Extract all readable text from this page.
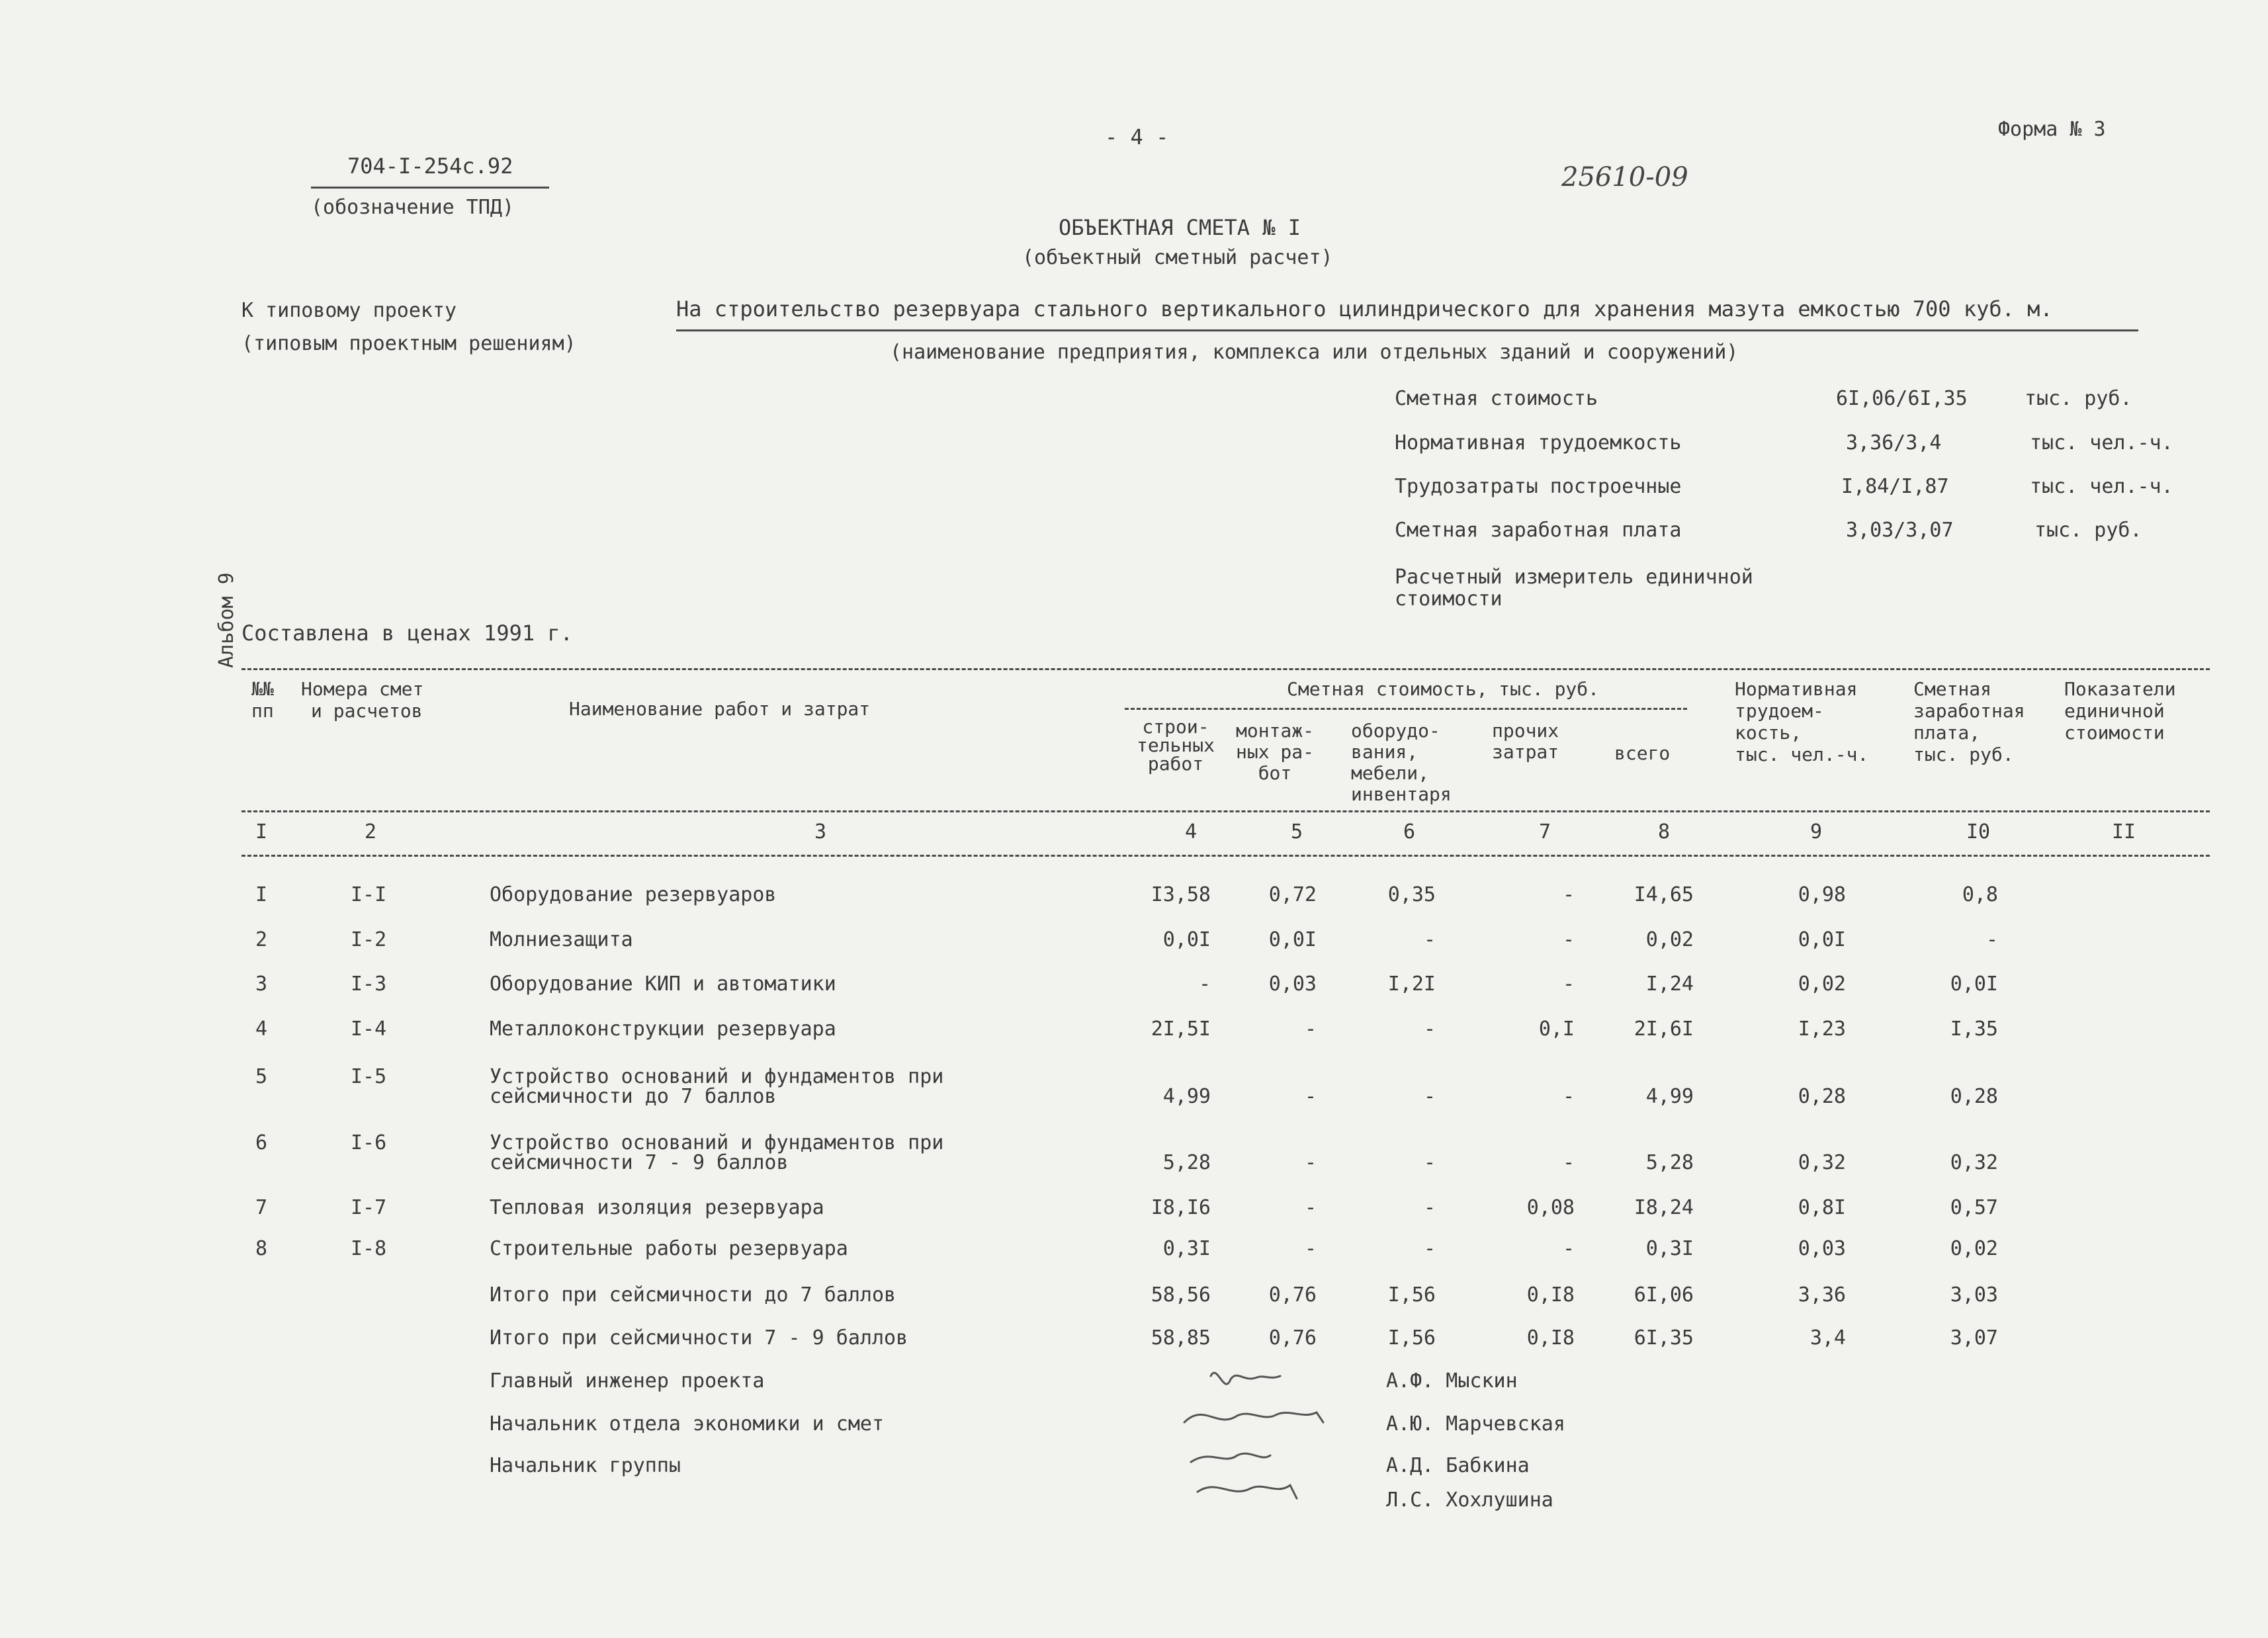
- 4 -	Форма № 3
704-I-254с.92
(обозначение ТПД)
25610-09
ОБЪЕКТНАЯ СМЕТА № I
(объектный сметный расчет)
К типовому проекту
(типовым проектным решениям)
На строительство резервуара стального вертикального цилиндрического для хранения мазута емкостью 700 куб. м.
(наименование предприятия, комплекса или отдельных зданий и сооружений)
Альбом 9
Сметная стоимость	6I,06/6I,35	тыс. руб.
Нормативная трудоемкость	3,36/3,4	тыс. чел.-ч.
Трудозатраты построечные	I,84/I,87	тыс. чел.-ч.
Сметная заработная плата	3,03/3,07	тыс. руб.
Расчетный измеритель единичной
стоимости
Составлена в ценах 1991 г.
№№
пп
Номера смет
и расчетов	Наименование работ и затрат
Сметная стоимость, тыс. руб.
строи-
тельных
работ
монтаж-
ных ра-
бот
оборудо-
вания,
мебели,
инвентаря
прочих
затрат	всего
Нормативная
трудоем-
кость,
тыс. чел.-ч.
Сметная
заработная
плата,
тыс. руб.
Показатели
единичной
стоимости
I	2	3	4	5	6	7	8	9	I0	II
I	I-I	Оборудование резервуаров	I3,58	0,72	0,35	-	I4,65	0,98	0,8
2	I-2	Молниезащита	0,0I	0,0I	-	-	0,02	0,0I	-
3	I-3	Оборудование КИП и автоматики	-	0,03	I,2I	-	I,24	0,02	0,0I
4	I-4	Металлоконструкции резервуара	2I,5I	-	-	0,I	2I,6I	I,23	I,35
5	I-5	Устройство оснований и фундаментов при
сейсмичности до 7 баллов	4,99	-	-	-	4,99	0,28	0,28
6	I-6	Устройство оснований и фундаментов при
сейсмичности 7 - 9 баллов	5,28	-	-	-	5,28	0,32	0,32
7	I-7	Тепловая изоляция резервуара	I8,I6	-	-	0,08	I8,24	0,8I	0,57
8	I-8	Строительные работы резервуара	0,3I	-	-	-	0,3I	0,03	0,02
Итого при сейсмичности до 7 баллов	58,56	0,76	I,56	0,I8	6I,06	3,36	3,03
Итого при сейсмичности 7 - 9 баллов	58,85	0,76	I,56	0,I8	6I,35	3,4	3,07
Главный инженер проекта	А.Ф. Мыскин
Начальник отдела экономики и смет	А.Ю. Марчевская
Начальник группы	А.Д. Бабкина
Л.С. Хохлушина
